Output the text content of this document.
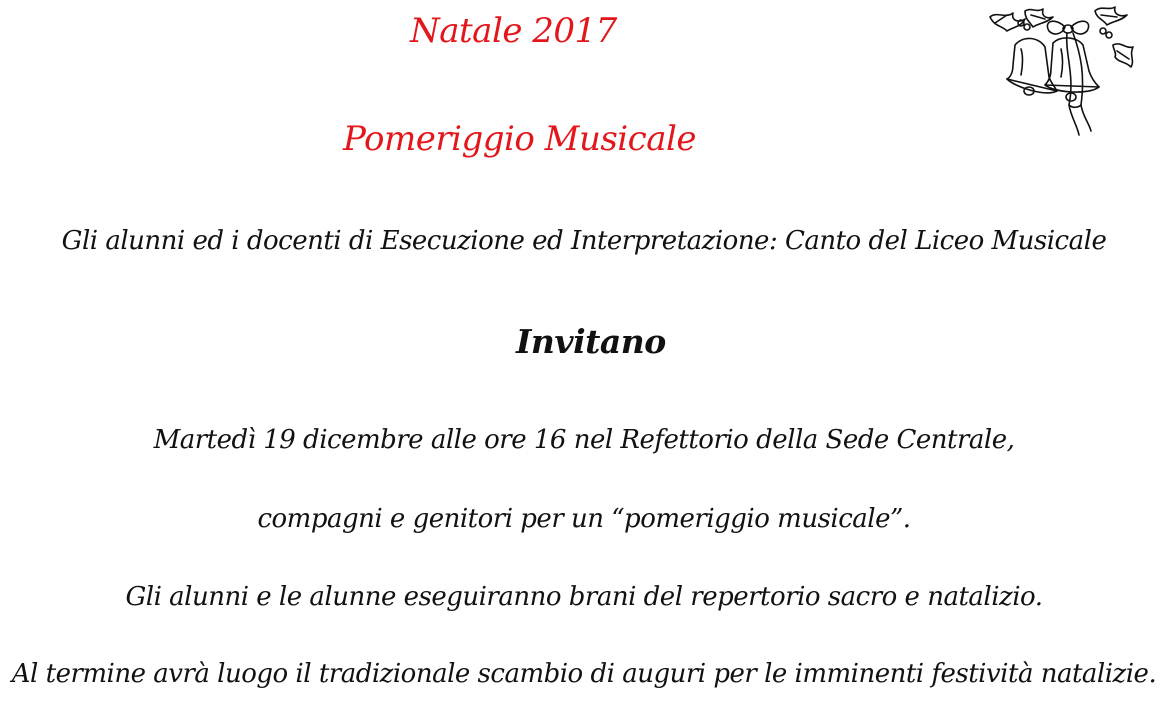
Natale 2017
Pomeriggio Musicale
Gli alunni ed i docenti di Esecuzione ed Interpretazione: Canto del Liceo Musicale
Invitano
Martedì 19 dicembre alle ore 16 nel Refettorio della Sede Centrale,
compagni e genitori per un “pomeriggio musicale”.
Gli alunni e le alunne eseguiranno brani del repertorio sacro e natalizio.
Al termine avrà luogo il tradizionale scambio di auguri per le imminenti festività natalizie.
